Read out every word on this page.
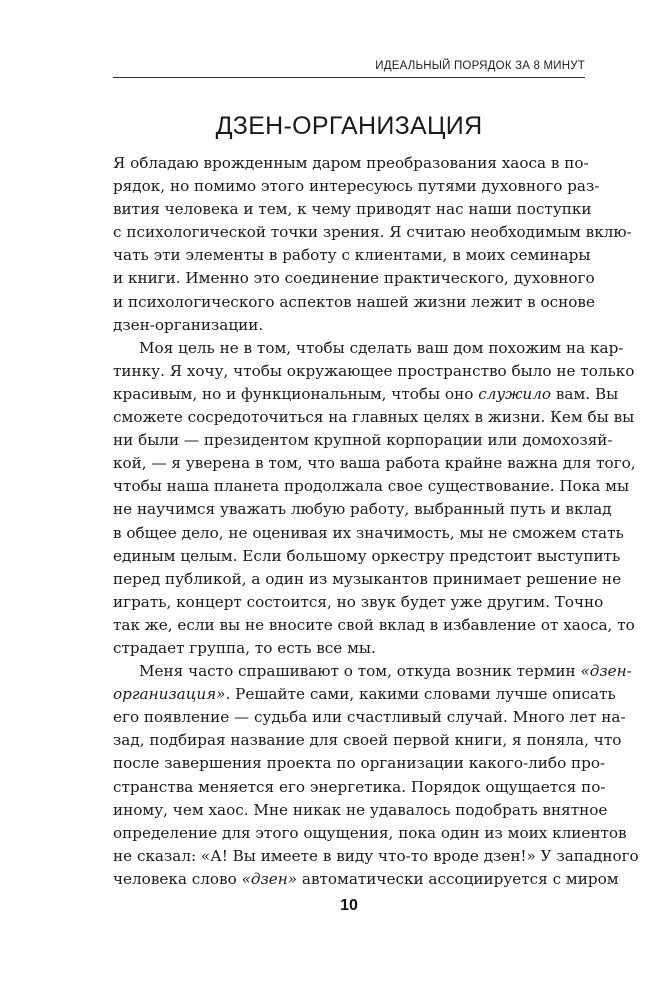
ИДЕАЛЬНЫЙ ПОРЯДОК ЗА 8 МИНУТ
ДЗЕН-ОРГАНИЗАЦИЯ
Я обладаю врожденным даром преобразования хаоса в по-
рядок, но помимо этого интересуюсь путями духовного раз-
вития человека и тем, к чему приводят нас наши поступки
с психологической точки зрения. Я считаю необходимым вклю-
чать эти элементы в работу с клиентами, в моих семинары
и книги. Именно это соединение практического, духовного
и психологического аспектов нашей жизни лежит в основе
дзен-организации.
Моя цель не в том, чтобы сделать ваш дом похожим на кар-
тинку. Я хочу, чтобы окружающее пространство было не только
красивым, но и функциональным, чтобы оно служило вам. Вы
сможете сосредоточиться на главных целях в жизни. Кем бы вы
ни были — президентом крупной корпорации или домохозяй-
кой, — я уверена в том, что ваша работа крайне важна для того,
чтобы наша планета продолжала свое существование. Пока мы
не научимся уважать любую работу, выбранный путь и вклад
в общее дело, не оценивая их значимость, мы не сможем стать
единым целым. Если большому оркестру предстоит выступить
перед публикой, а один из музыкантов принимает решение не
играть, концерт состоится, но звук будет уже другим. Точно
так же, если вы не вносите свой вклад в избавление от хаоса, то
страдает группа, то есть все мы.
Меня часто спрашивают о том, откуда возник термин «дзен-
организация». Решайте сами, какими словами лучше описать
его появление — судьба или счастливый случай. Много лет на-
зад, подбирая название для своей первой книги, я поняла, что
после завершения проекта по организации какого-либо про-
странства меняется его энергетика. Порядок ощущается по-
иному, чем хаос. Мне никак не удавалось подобрать внятное
определение для этого ощущения, пока один из моих клиентов
не сказал: «А! Вы имеете в виду что-то вроде дзен!» У западного
человека слово «дзен» автоматически ассоциируется с миром
10
